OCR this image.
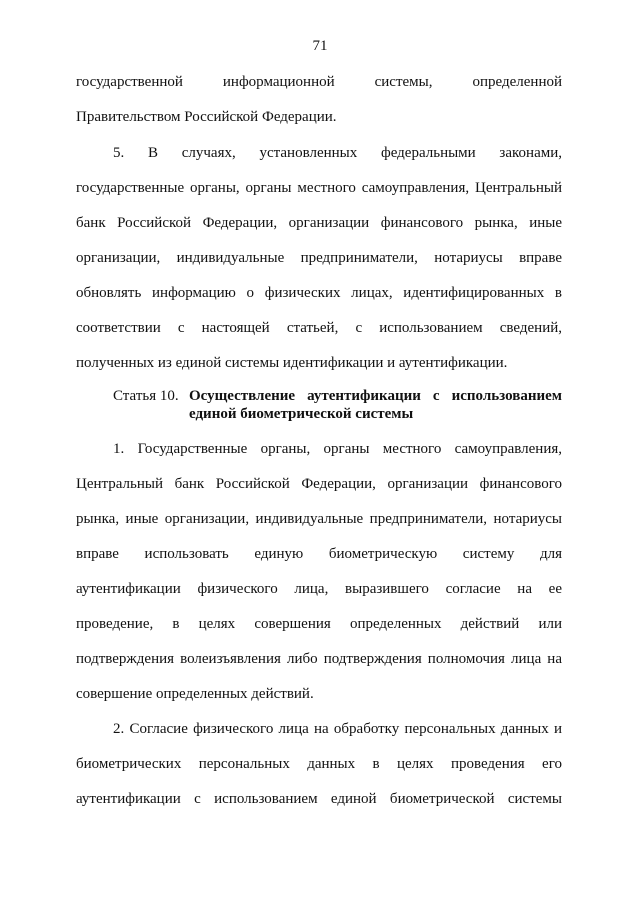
71
государственной информационной системы, определенной
Правительством Российской Федерации.
5. В случаях, установленных федеральными законами,
государственные органы, органы местного самоуправления, Центральный
банк Российской Федерации, организации финансового рынка, иные
организации, индивидуальные предприниматели, нотариусы вправе
обновлять информацию о физических лицах, идентифицированных в
соответствии с настоящей статьей, с использованием сведений,
полученных из единой системы идентификации и аутентификации.
Статья 10. Осуществление аутентификации с использованием
единой биометрической системы
1. Государственные органы, органы местного самоуправления,
Центральный банк Российской Федерации, организации финансового
рынка, иные организации, индивидуальные предприниматели, нотариусы
вправе использовать единую биометрическую систему для
аутентификации физического лица, выразившего согласие на ее
проведение, в целях совершения определенных действий или
подтверждения волеизъявления либо подтверждения полномочия лица на
совершение определенных действий.
2. Согласие физического лица на обработку персональных данных и
биометрических персональных данных в целях проведения его
аутентификации с использованием единой биометрической системы
